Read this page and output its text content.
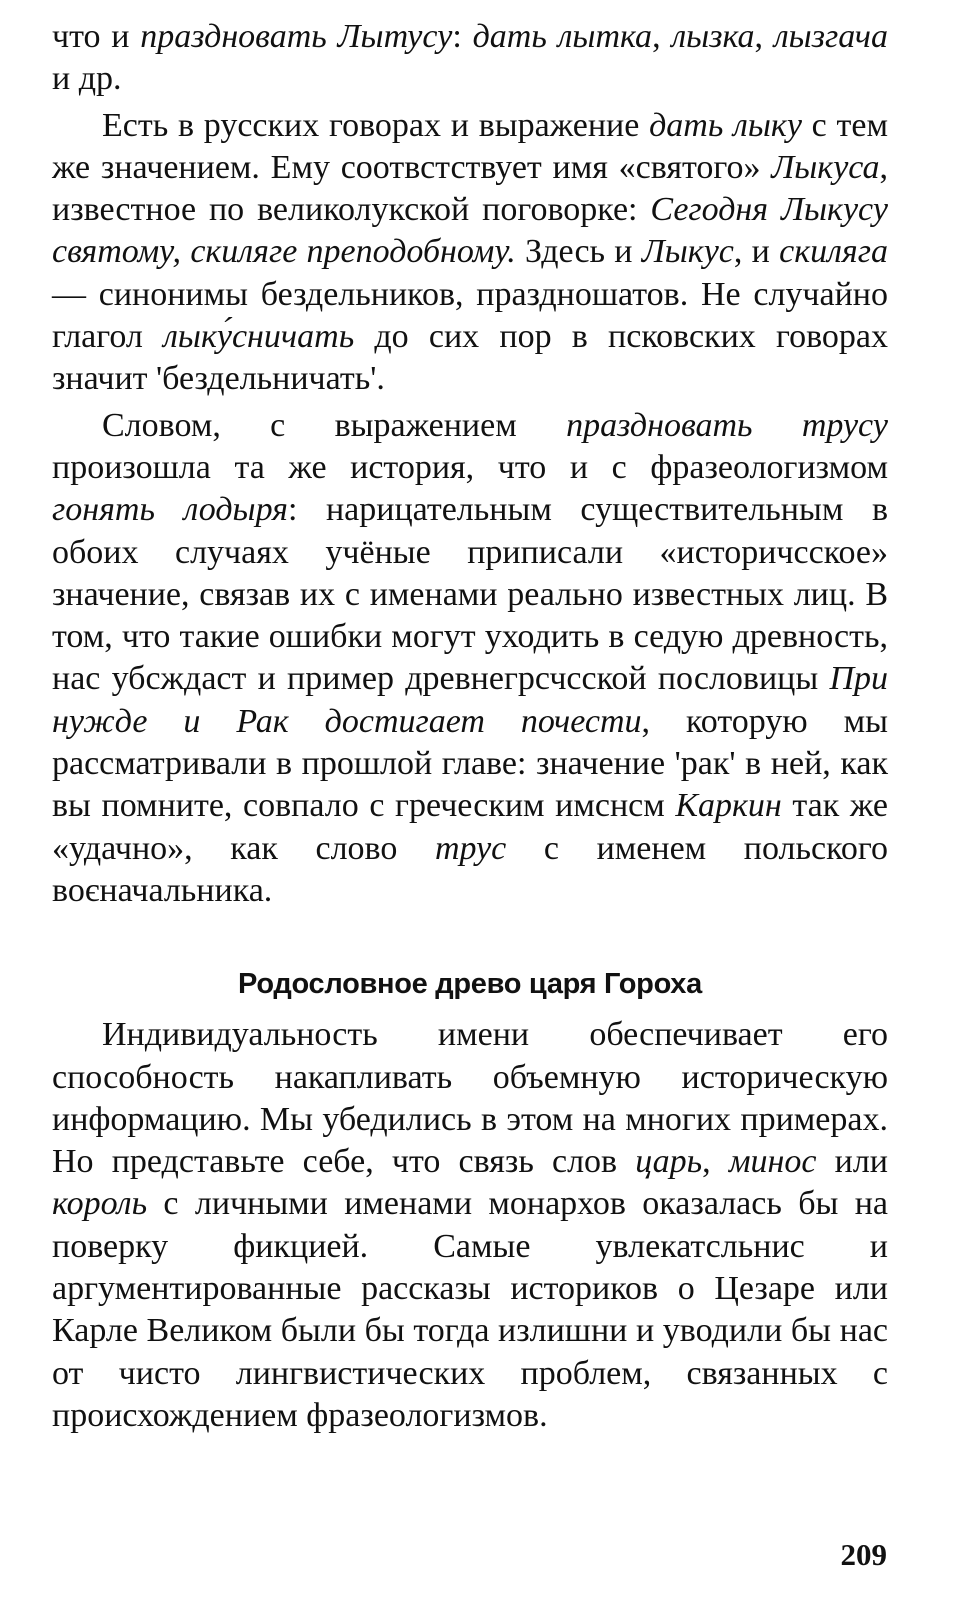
что и праздновать Лытусу: дать лытка, лызка, лызгача и др.

Есть в русских говорах и выражение дать лыку с тем же значением. Ему соотвстствует имя «святого» Лыкуса, известное по великолукской поговорке: Сегодня Лыкусу святому, скиляге преподобному. Здесь и Лыкус, и скиляга — синонимы бездельников, праздношатов. Не случайно глагол лыку́сничать до сих пор в псковских говорах значит 'бездельничать'.

Словом, с выражением праздновать трусу произошла та же история, что и с фразеологизмом гонять лодыря: нарицательным существительным в обоих случаях учёные приписали «историчсское» значение, связав их с именами реально известных лиц. В том, что такие ошибки могут уходить в седую древность, нас убсждаст и пример древнегрсчсской пословицы При нужде и Рак достигает почести, которую мы рассматривали в прошлой главе: значение 'рак' в ней, как вы помните, совпало с греческим имснсм Каркин так же «удачно», как слово трус с именем польского воєначальника.

Родословное древо царя Гороха

Индивидуальность имени обеспечивает его способность накапливать объемную историческую информацию. Мы убедились в этом на многих примерах. Но представьте себе, что связь слов царь, минос или король с личными именами монархов оказалась бы на поверку фикцией. Самые увлекатсльнис и аргументированные рассказы историков о Цезаре или Карле Великом были бы тогда излишни и уводили бы нас от чисто лингвистических проблем, связанных с происхождением фразеологизмов.

209
